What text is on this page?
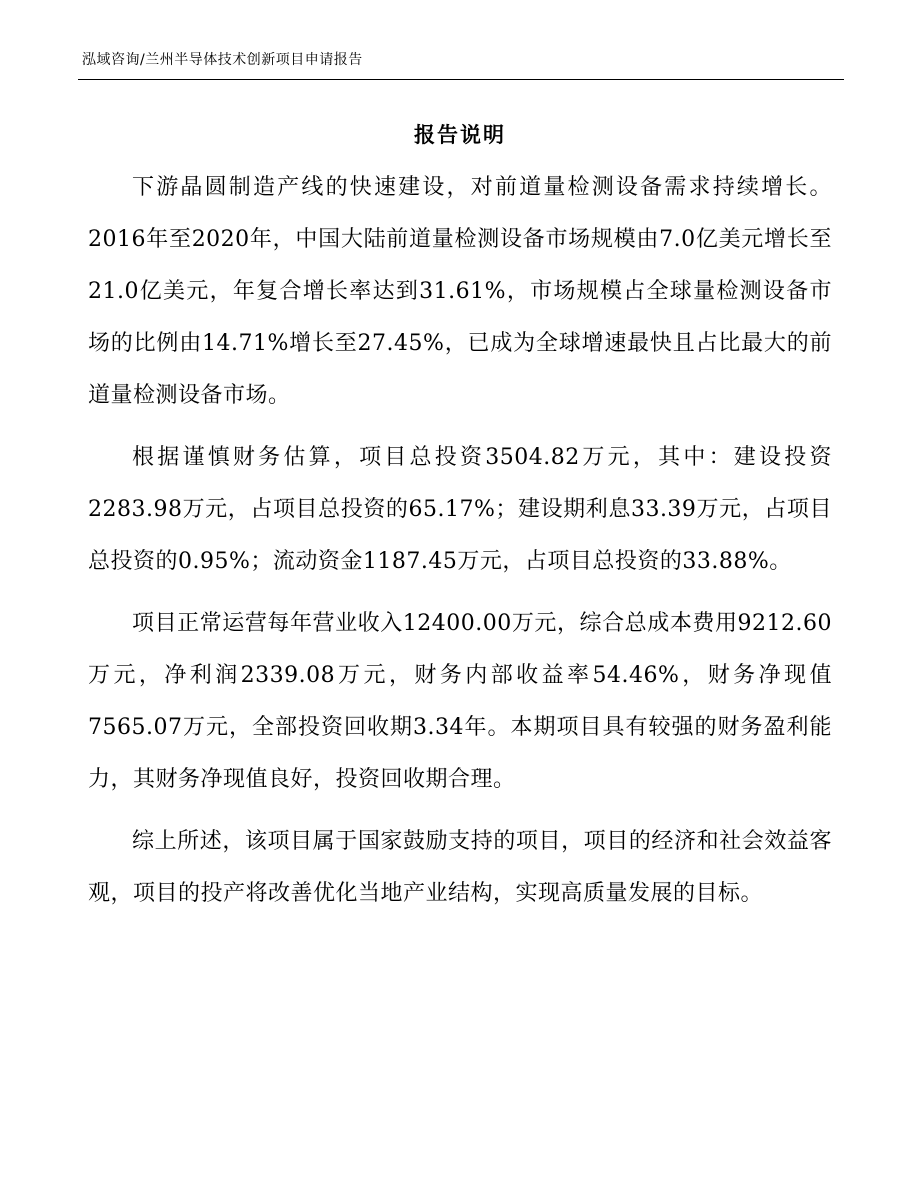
泓域咨询/兰州半导体技术创新项目申请报告
报告说明

下游晶圆制造产线的快速建设，对前道量检测设备需求持续增长。2016年至2020年，中国大陆前道量检测设备市场规模由7.0亿美元增长至21.0亿美元，年复合增长率达到31.61%，市场规模占全球量检测设备市场的比例由14.71%增长至27.45%，已成为全球增速最快且占比最大的前道量检测设备市场。

根据谨慎财务估算，项目总投资3504.82万元，其中：建设投资2283.98万元，占项目总投资的65.17%；建设期利息33.39万元，占项目总投资的0.95%；流动资金1187.45万元，占项目总投资的33.88%。

项目正常运营每年营业收入12400.00万元，综合总成本费用9212.60万元，净利润2339.08万元，财务内部收益率54.46%，财务净现值7565.07万元，全部投资回收期3.34年。本期项目具有较强的财务盈利能力，其财务净现值良好，投资回收期合理。

综上所述，该项目属于国家鼓励支持的项目，项目的经济和社会效益客观，项目的投产将改善优化当地产业结构，实现高质量发展的目标。
